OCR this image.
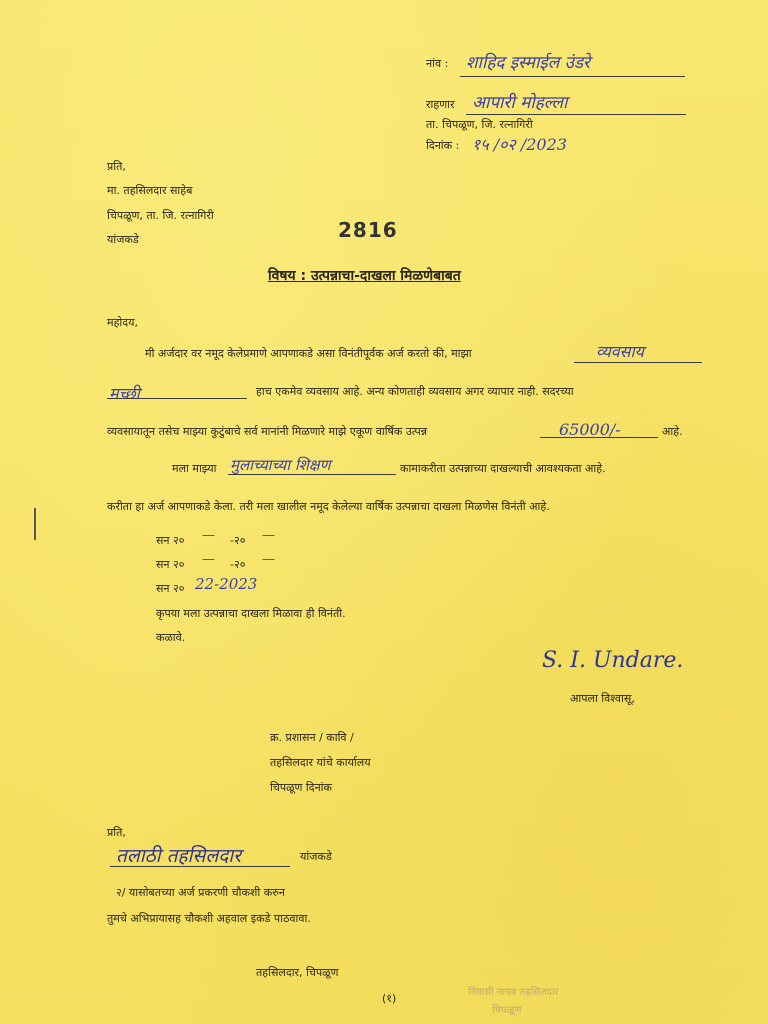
नांव : शाहिद इस्माईल उंडरे
राहणार आपारी मोहल्ला
ता. चिपळूण, जि. रत्नागिरी
दिनांक : १५ /०२ /2023
प्रति,
मा. तहसिलदार साहेब
चिपळूण, ता. जि. रत्नागिरी
यांजकडे	2816
विषय : उत्पन्नाचा-दाखला मिळणेबाबत
महोदय,
मी अर्जदार वर नमूद केलेप्रमाणे आपणाकडे असा विनंतीपूर्वक अर्ज करतो की, माझा	व्यवसाय
मच्छी	हाच एकमेव व्यवसाय आहे. अन्य कोणताही व्यवसाय अगर व्यापार नाही. सदरच्या
व्यवसायातून तसेच माझ्या कुटुंबाचे सर्व मानांनी मिळणारे माझे एकूण वार्षिक उत्पन्न	65000/-	आहे.
मला माझ्या मुलाच्याच्या शिक्षण	कामाकरीता उत्पन्नाच्या दाखल्याची आवश्यकता आहे.
करीता हा अर्ज आपणाकडे केला. तरी मला खालील नमूद केलेल्या वार्षिक उत्पन्नाचा दाखला मिळणेस विनंती आहे.
सन २० — -२० —
सन २० — -२० —
सन २० 22-2023
कृपया मला उत्पन्नाचा दाखला मिळावा ही विनंती.
कळावे.
S. I. Undare.
आपला विश्वासू,
क्र. प्रशासन / कावि /
तहसिलदार यांचे कार्यालय
चिपळूण दिनांक
प्रति,
तलाठी तहसिलदार	यांजकडे
२/ यासोबतच्या अर्ज प्रकरणी चौकशी करुन
तुमचे अभिप्रायासह चौकशी अहवाल इकडे पाठवावा.
तहसिलदार, चिपळूण
(१)	निवासी नायब तहसिलदार
चिपळूण
